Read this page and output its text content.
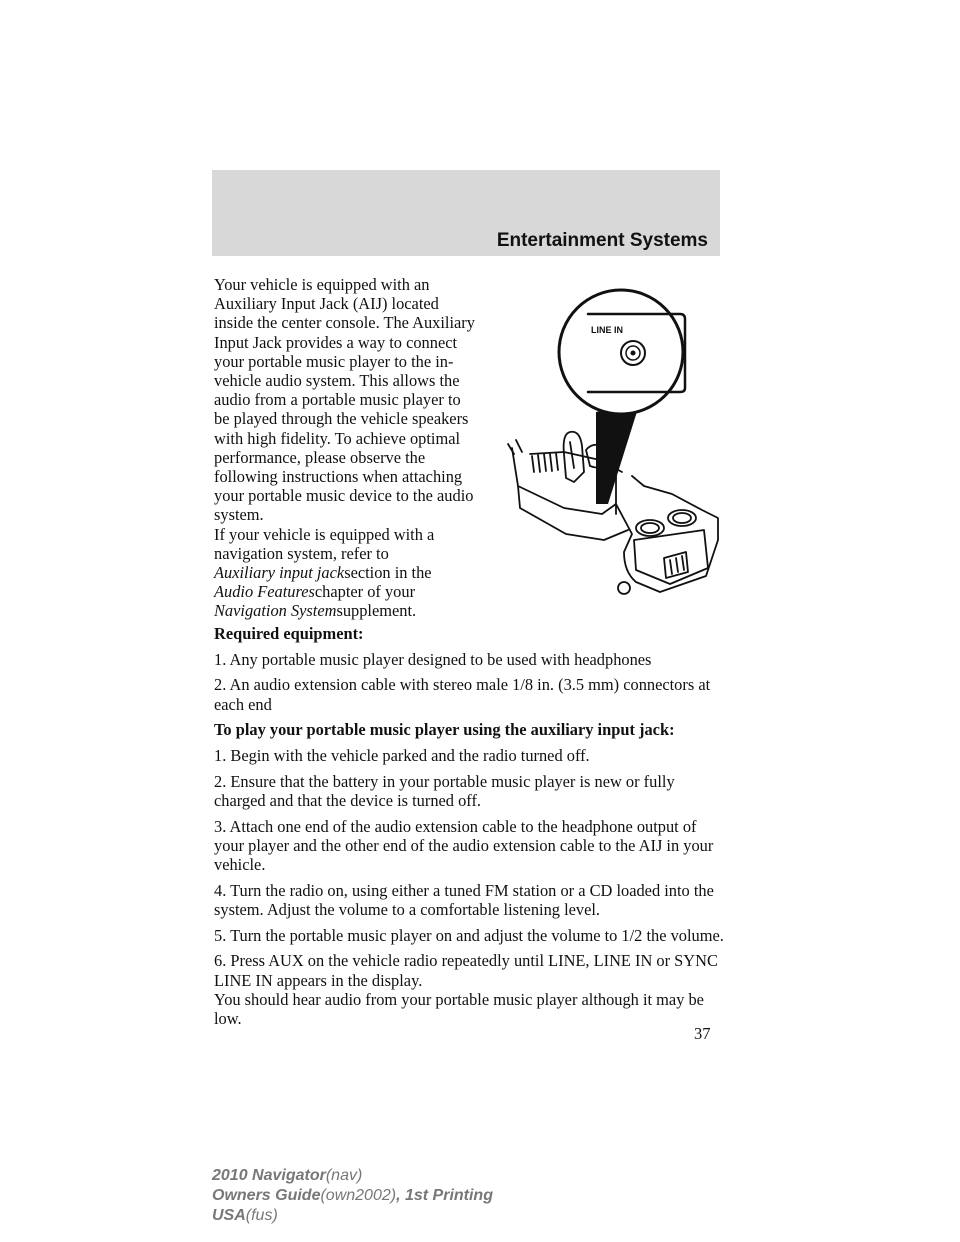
Entertainment Systems

Your vehicle is equipped with an Auxiliary Input Jack (AIJ) located inside the center console. The Auxiliary Input Jack provides a way to connect your portable music player to the in-vehicle audio system. This allows the audio from a portable music player to be played through the vehicle speakers with high fidelity. To achieve optimal performance, please observe the following instructions when attaching your portable music device to the audio system.

If your vehicle is equipped with a navigation system, refer to
Auxiliary input jacksection in the
Audio Featureschapter of your
Navigation Systemsupplement.

LINE IN

Required equipment:

1. Any portable music player designed to be used with headphones

2. An audio extension cable with stereo male 1/8 in. (3.5 mm) connectors at each end

To play your portable music player using the auxiliary input jack:

1. Begin with the vehicle parked and the radio turned off.

2. Ensure that the battery in your portable music player is new or fully charged and that the device is turned off.

3. Attach one end of the audio extension cable to the headphone output of your player and the other end of the audio extension cable to the AIJ in your vehicle.

4. Turn the radio on, using either a tuned FM station or a CD loaded into the system. Adjust the volume to a comfortable listening level.

5. Turn the portable music player on and adjust the volume to 1/2 the volume.

6. Press AUX on the vehicle radio repeatedly until LINE, LINE IN or SYNC LINE IN appears in the display.

You should hear audio from your portable music player although it may be low.

37
2010 Navigator(nav)
Owners Guide(own2002), 1st Printing
USA(fus)
